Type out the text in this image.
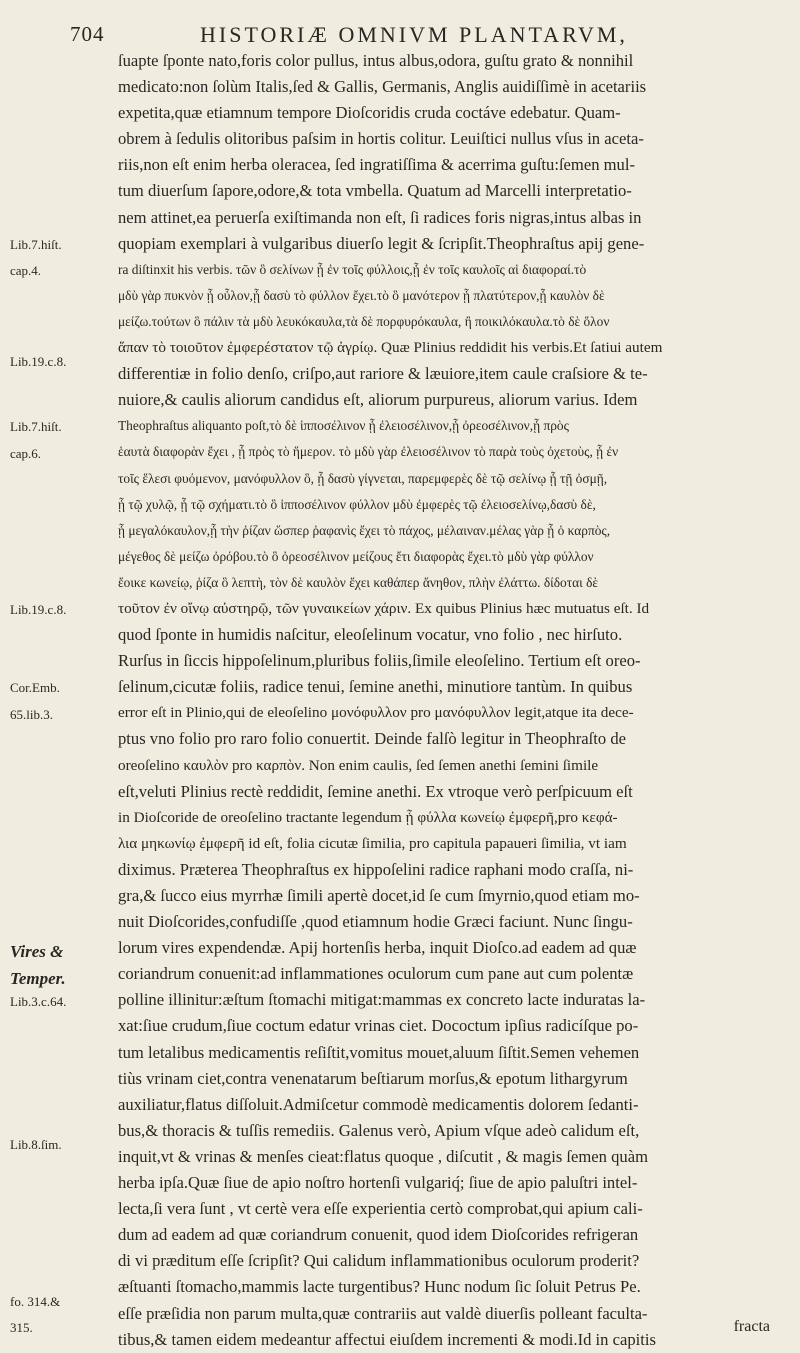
704	HISTORIÆ OMNIVM PLANTARVM,
ſuapte ſponte nato,foris color pullus, intus albus,odora, guſtu grato & nonnihil
medicato:non ſolùm Italis,ſed & Gallis, Germanis, Anglis auidiſſimè in acetariis
expetita,quæ etiamnum tempore Dioſcoridis cruda coctáve edebatur. Quam-
obrem à ſedulis olitoribus paſsim in hortis colitur. Leuiſtici nullus vſus in aceta-
riis,non eſt enim herba oleracea, ſed ingratiſſima & acerrima guſtu:ſemen mul-
tum diuerſum ſapore,odore,& tota vmbella. Quatum ad Marcelli interpretatio-
nem attinet,ea peruerſa exiſtimanda non eſt, ſi radices foris nigras,intus albas in
quopiam exemplari à vulgaribus diuerſo legit & ſcripſit.Theophraſtus apij gene-
ra diſtinxit his verbis. τῶν ὃ σελίνων ᾗ ἐν τοῖς φύλλοις,ᾗ ἐν τοῖς καυλοῖς αἱ διαφοραί.τὸ
μδὺ γὰρ πυκνὸν ᾗ οὖλον,ᾗ δασὺ τὸ φύλλον ἔχει.τὸ ὃ μανότερον ᾗ πλατύτερον,ᾗ καυλὸν δὲ
μείζω.τούτων ὃ πάλιν τὰ μδὺ λευκόκαυλα,τὰ δὲ πορφυρόκαυλα, ἢ ποικιλόκαυλα.τὸ δὲ ὅλον
ἅπαν τὸ τοιοῦτον ἐμφερέστατον τῷ ἀγρίῳ. Quæ Plinius reddidit his verbis.Et ſatiui autem
differentiæ in folio denſo, criſpo,aut rariore & læuiore,item caule craſsiore & te-
nuiore,& caulis aliorum candidus eſt, aliorum purpureus, aliorum varius. Idem
Theophraſtus aliquanto poſt,τὸ δὲ ἱπποσέλινον ᾗ ἐλειοσέλινον,ᾗ ὀρεοσέλινον,ᾗ πρὸς
ἑαυτὰ διαφορὰν ἔχει , ᾗ πρὸς τὸ ἥμερον. τὸ μδὺ γὰρ ἐλειοσέλινον τὸ παρὰ τοὺς ὀχετοὺς, ᾗ ἐν
τοῖς ἕλεσι φυόμενον, μανόφυλλον ὃ, ᾗ δασὺ γίγνεται, παρεμφερὲς δὲ τῷ σελίνῳ ᾗ τῇ ὀσμῇ,
ᾗ τῷ χυλῷ, ᾗ τῷ σχήματι.τὸ ὃ ἱπποσέλινον φύλλον μδὺ ἐμφερὲς τῷ ἐλειοσελίνῳ,δασὺ δὲ,
ᾗ μεγαλόκαυλον,ᾗ τὴν ῥίζαν ὥσπερ ῥαφανὶς ἔχει τὸ πάχος, μέλαιναν.μέλας γὰρ ᾗ ὁ καρπὸς,
μέγεθος δὲ μείζω ὀρόβου.τὸ ὃ ὀρεοσέλινον μείζους ἔτι διαφορὰς ἔχει.τὸ μδὺ γὰρ φύλλον
ἔοικε κωνείῳ, ῥίζα ὃ λεπτὴ, τὸν δὲ καυλὸν ἔχει καθάπερ ἄνηθον, πλὴν ἐλάττω. δίδοται δὲ
τοῦτον ἐν οἴνῳ αὐστηρῷ, τῶν γυναικείων χάριν. Ex quibus Plinius hæc mutuatus eſt. Id
quod ſponte in humidis naſcitur, eleoſelinum vocatur, vno folio , nec hirſuto.
Rurſus in ſiccis hippoſelinum,pluribus foliis,ſimile eleoſelino. Tertium eſt oreo-
ſelinum,cicutæ foliis, radice tenui, ſemine anethi, minutiore tantùm. In quibus
error eſt in Plinio,qui de eleoſelino μονόφυλλον pro μανόφυλλον legit,atque ita dece-
ptus vno folio pro raro folio conuertit. Deinde falſò legitur in Theophraſto de
oreoſelino καυλὸν pro καρπὸν. Non enim caulis, ſed ſemen anethi ſemini ſimile
eſt,veluti Plinius rectè reddidit, ſemine anethi. Ex vtroque verò perſpicuum eſt
in Dioſcoride de oreoſelino tractante legendum ᾗ φύλλα κωνείῳ ἐμφερῆ,pro κεφά-
λια μηκωνίῳ ἐμφερῆ id eſt, folia cicutæ ſimilia, pro capitula papaueri ſimilia, vt iam
diximus. Præterea Theophraſtus ex hippoſelini radice raphani modo craſſa, ni-
gra,& ſucco eius myrrhæ ſimili apertè docet,id ſe cum ſmyrnio,quod etiam mo-
nuit Dioſcorides,confudiſſe ,quod etiamnum hodie Græci faciunt. Nunc ſingu-
lorum vires expendendæ. Apij hortenſis herba, inquit Dioſco.ad eadem ad quæ
coriandrum conuenit:ad inflammationes oculorum cum pane aut cum polentæ
polline illinitur:æſtum ſtomachi mitigat:mammas ex concreto lacte induratas la-
xat:ſiue crudum,ſiue coctum edatur vrinas ciet. Dococtum ipſius radicíſque po-
tum letalibus medicamentis reſiſtit,vomitus mouet,aluum ſiſtit.Semen vehemen
tiùs vrinam ciet,contra venenatarum beſtiarum morſus,& epotum lithargyrum
auxiliatur,flatus diſſoluit.Admiſcetur commodè medicamentis dolorem ſedanti-
bus,& thoracis & tuſſis remediis. Galenus verò, Apium vſque adeò calidum eſt,
inquit,vt & vrinas & menſes cieat:flatus quoque , diſcutit , & magis ſemen quàm
herba ipſa.Quæ ſiue de apio noſtro hortenſi vulgariq́; ſiue de apio paluſtri intel-
lecta,ſi vera ſunt , vt certè vera eſſe experientia certò comprobat,qui apium cali-
dum ad eadem ad quæ coriandrum conuenit, quod idem Dioſcorides refrigeran
di vi præditum eſſe ſcripſit? Qui calidum inflammationibus oculorum proderit?
æſtuanti ſtomacho,mammis lacte turgentibus? Hunc nodum ſic ſoluit Petrus Pe.
eſſe præſidia non parum multa,quæ contrariis aut valdè diuerſis polleant faculta-
tibus,& tamen eidem medeantur affectui eiuſdem incrementi & modi.Id in capitis
Lib.7.hiſt.
cap.4.
Lib.19.c.8.
Lib.7.hiſt.
cap.6.
Lib.19.c.8.
Cor.Emb.
65.lib.3.
Vires &
Temper.
Lib.3.c.64.
Lib.8.ſim.
fo. 314.&
315.	fracta
